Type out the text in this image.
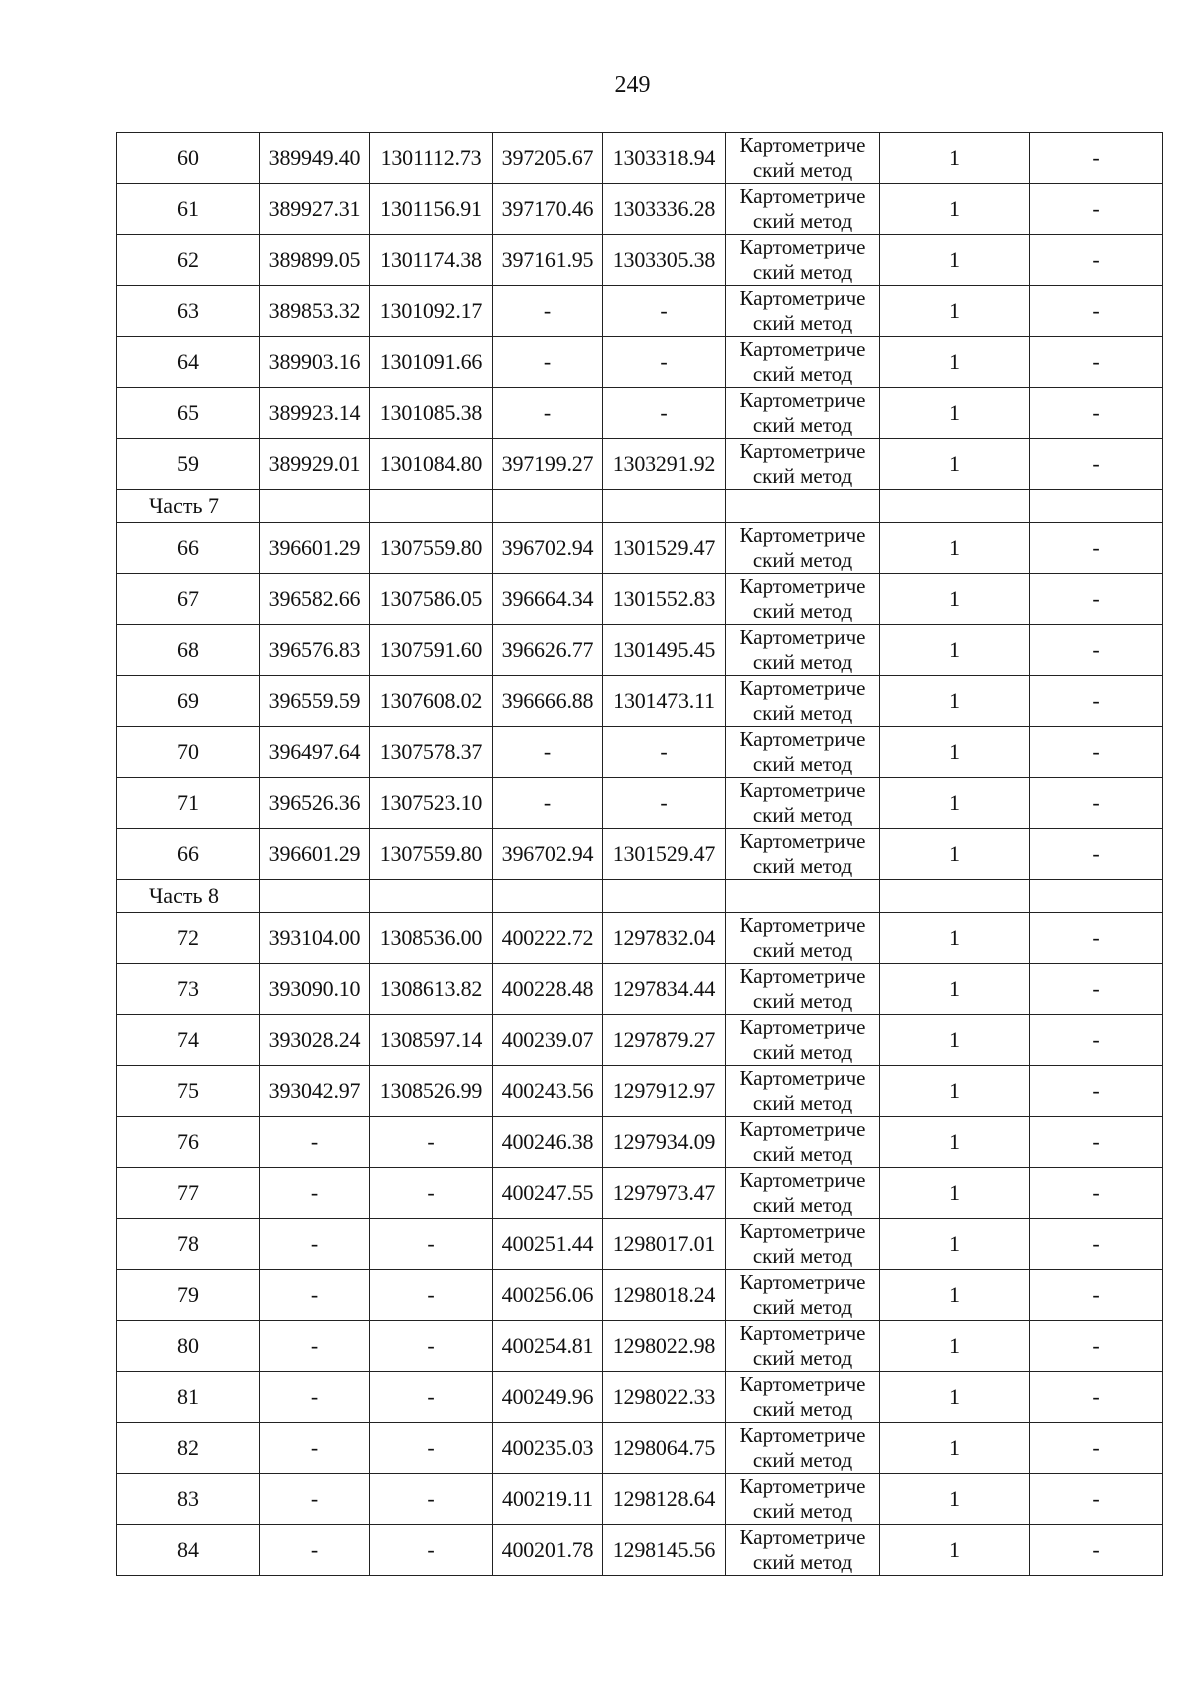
249
60	389949.40	1301112.73	397205.67	1303318.94	Картометриче
ский метод	1	-
61	389927.31	1301156.91	397170.46	1303336.28	Картометриче
ский метод	1	-
62	389899.05	1301174.38	397161.95	1303305.38	Картометриче
ский метод	1	-
63	389853.32	1301092.17	-	-	Картометриче
ский метод	1	-
64	389903.16	1301091.66	-	-	Картометриче
ский метод	1	-
65	389923.14	1301085.38	-	-	Картометриче
ский метод	1	-
59	389929.01	1301084.80	397199.27	1303291.92	Картометриче
ский метод	1	-
Часть 7							
66	396601.29	1307559.80	396702.94	1301529.47	Картометриче
ский метод	1	-
67	396582.66	1307586.05	396664.34	1301552.83	Картометриче
ский метод	1	-
68	396576.83	1307591.60	396626.77	1301495.45	Картометриче
ский метод	1	-
69	396559.59	1307608.02	396666.88	1301473.11	Картометриче
ский метод	1	-
70	396497.64	1307578.37	-	-	Картометриче
ский метод	1	-
71	396526.36	1307523.10	-	-	Картометриче
ский метод	1	-
66	396601.29	1307559.80	396702.94	1301529.47	Картометриче
ский метод	1	-
Часть 8							
72	393104.00	1308536.00	400222.72	1297832.04	Картометриче
ский метод	1	-
73	393090.10	1308613.82	400228.48	1297834.44	Картометриче
ский метод	1	-
74	393028.24	1308597.14	400239.07	1297879.27	Картометриче
ский метод	1	-
75	393042.97	1308526.99	400243.56	1297912.97	Картометриче
ский метод	1	-
76	-	-	400246.38	1297934.09	Картометриче
ский метод	1	-
77	-	-	400247.55	1297973.47	Картометриче
ский метод	1	-
78	-	-	400251.44	1298017.01	Картометриче
ский метод	1	-
79	-	-	400256.06	1298018.24	Картометриче
ский метод	1	-
80	-	-	400254.81	1298022.98	Картометриче
ский метод	1	-
81	-	-	400249.96	1298022.33	Картометриче
ский метод	1	-
82	-	-	400235.03	1298064.75	Картометриче
ский метод	1	-
83	-	-	400219.11	1298128.64	Картометриче
ский метод	1	-
84	-	-	400201.78	1298145.56	Картометриче
ский метод	1	-
